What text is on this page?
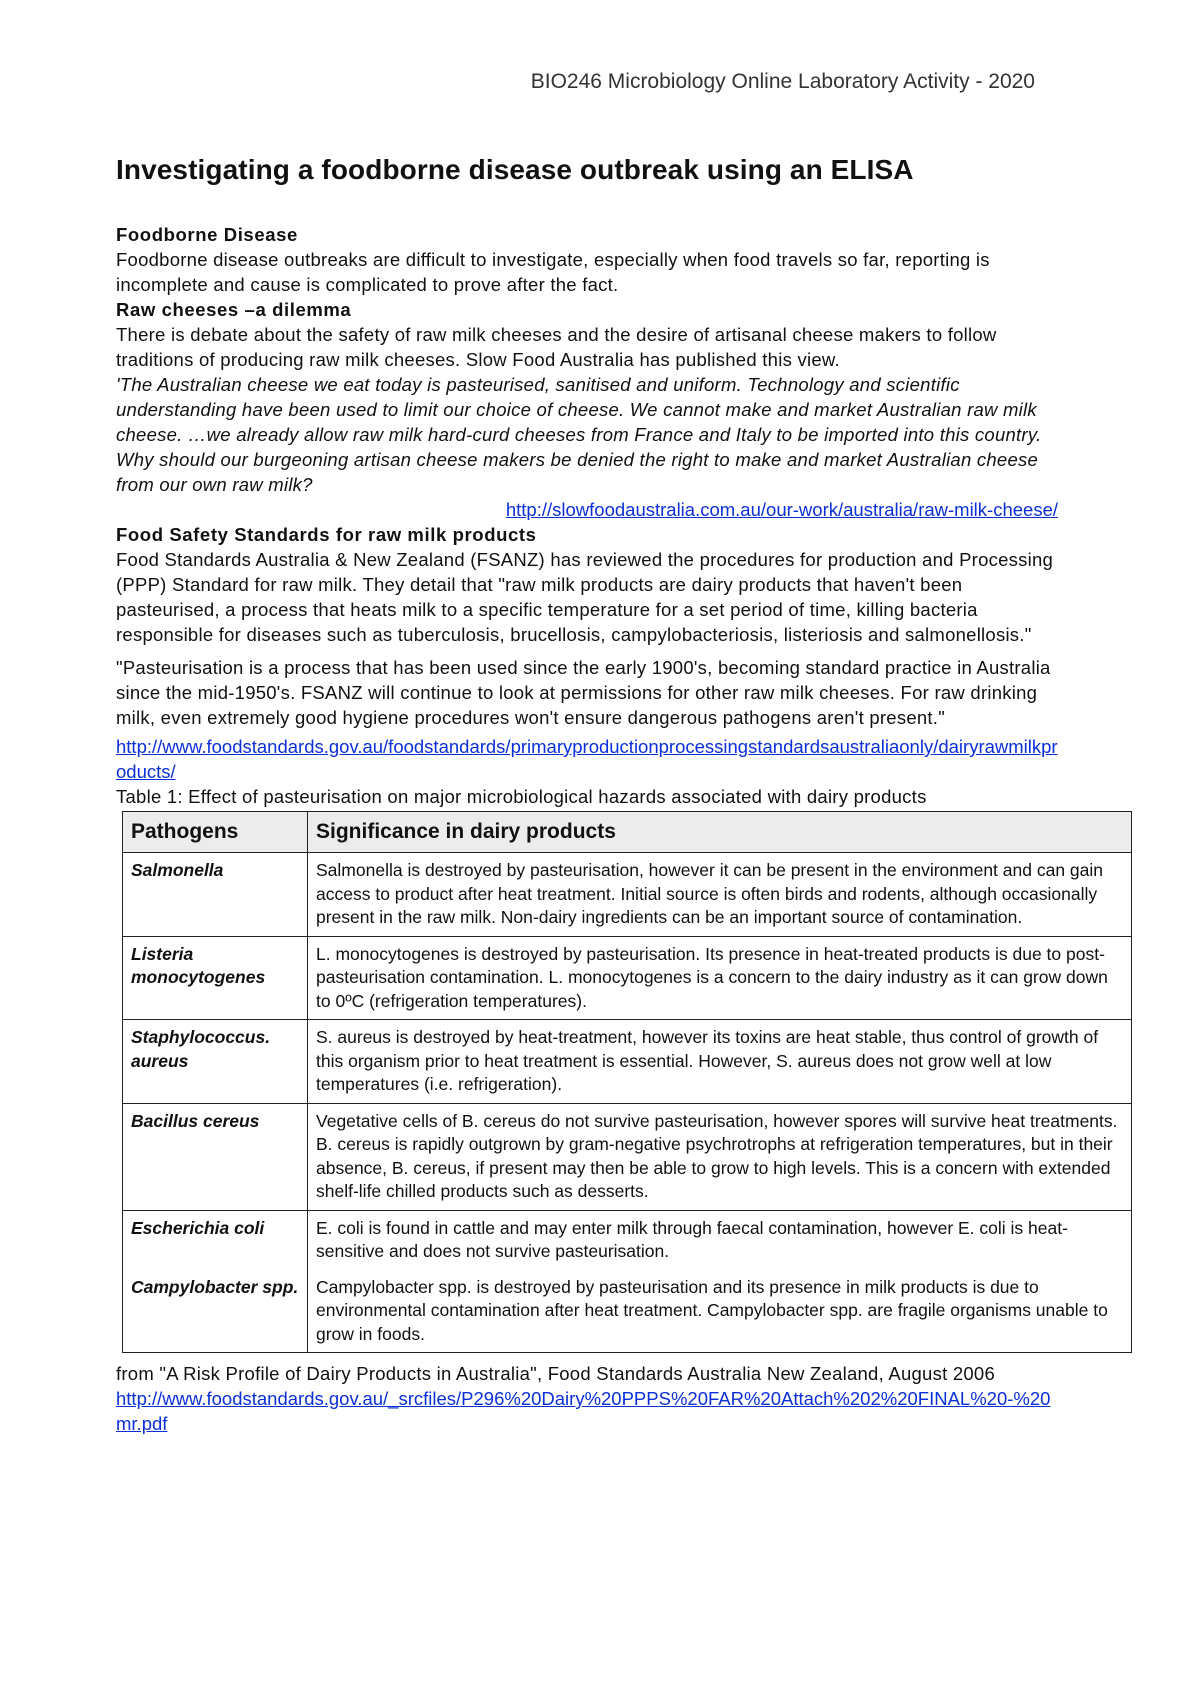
BIO246 Microbiology Online Laboratory Activity - 2020
Investigating a foodborne disease outbreak using an ELISA

Foodborne Disease

Foodborne disease outbreaks are difficult to investigate, especially when food travels so far, reporting is incomplete and cause is complicated to prove after the fact.

Raw cheeses –a dilemma

There is debate about the safety of raw milk cheeses and the desire of artisanal cheese makers to follow traditions of producing raw milk cheeses. Slow Food Australia has published this view.

'The Australian cheese we eat today is pasteurised, sanitised and uniform. Technology and scientific understanding have been used to limit our choice of cheese. We cannot make and market Australian raw milk cheese. …we already allow raw milk hard-curd cheeses from France and Italy to be imported into this country. Why should our burgeoning artisan cheese makers be denied the right to make and market Australian cheese from our own raw milk?

http://slowfoodaustralia.com.au/our-work/australia/raw-milk-cheese/

Food Safety Standards for raw milk products

Food Standards Australia & New Zealand (FSANZ) has reviewed the procedures for production and Processing (PPP) Standard for raw milk. They detail that "raw milk products are dairy products that haven't been pasteurised, a process that heats milk to a specific temperature for a set period of time, killing bacteria responsible for diseases such as tuberculosis, brucellosis, campylobacteriosis, listeriosis and salmonellosis."

"Pasteurisation is a process that has been used since the early 1900's, becoming standard practice in Australia since the mid-1950's. FSANZ will continue to look at permissions for other raw milk cheeses. For raw drinking milk, even extremely good hygiene procedures won't ensure dangerous pathogens aren't present."

http://www.foodstandards.gov.au/foodstandards/primaryproductionprocessingstandardsaustraliaonly/dairyrawmilkproducts/

Table 1: Effect of pasteurisation on major microbiological hazards associated with dairy products

Pathogens	Significance in dairy products
Salmonella	Salmonella is destroyed by pasteurisation, however it can be present in the environment and can gain access to product after heat treatment. Initial source is often birds and rodents, although occasionally present in the raw milk. Non-dairy ingredients can be an important source of contamination.
Listeria monocytogenes	L. monocytogenes is destroyed by pasteurisation. Its presence in heat-treated products is due to post-pasteurisation contamination. L. monocytogenes is a concern to the dairy industry as it can grow down to 0ºC (refrigeration temperatures).
Staphylococcus. aureus	S. aureus is destroyed by heat-treatment, however its toxins are heat stable, thus control of growth of this organism prior to heat treatment is essential. However, S. aureus does not grow well at low temperatures (i.e. refrigeration).
Bacillus cereus	Vegetative cells of B. cereus do not survive pasteurisation, however spores will survive heat treatments. B. cereus is rapidly outgrown by gram-negative psychrotrophs at refrigeration temperatures, but in their absence, B. cereus, if present may then be able to grow to high levels. This is a concern with extended shelf-life chilled products such as desserts.
Escherichia coli	E. coli is found in cattle and may enter milk through faecal contamination, however E. coli is heat-sensitive and does not survive pasteurisation.
Campylobacter spp.	Campylobacter spp. is destroyed by pasteurisation and its presence in milk products is due to environmental contamination after heat treatment. Campylobacter spp. are fragile organisms unable to grow in foods.

from "A Risk Profile of Dairy Products in Australia", Food Standards Australia New Zealand, August 2006

http://www.foodstandards.gov.au/_srcfiles/P296%20Dairy%20PPPS%20FAR%20Attach%202%20FINAL%20-%20mr.pdf
